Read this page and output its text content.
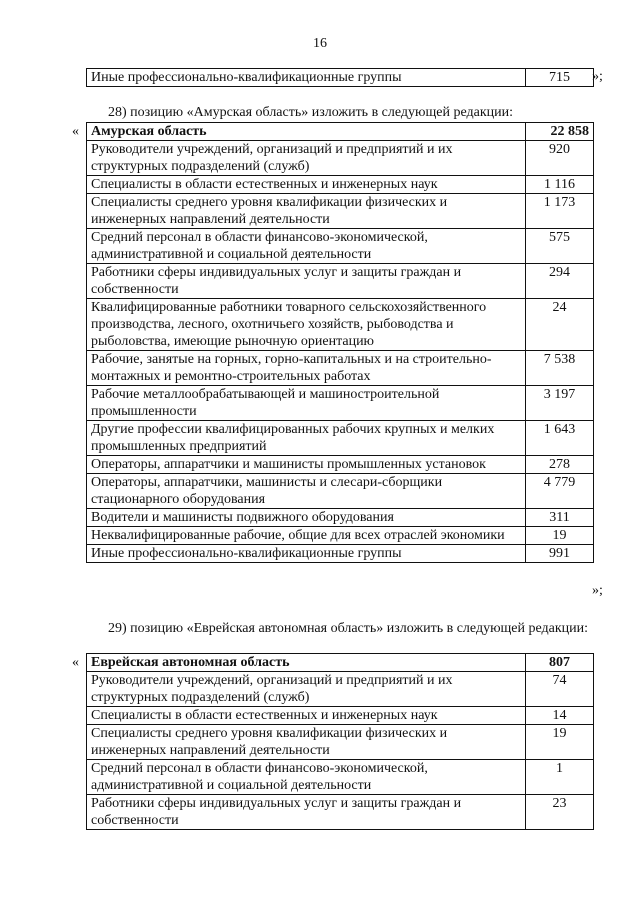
16
Иные профессионально-квалификационные группы	715 »;
28) позицию «Амурская область» изложить в следующей редакции:
« Амурская область	22 858
Руководители учреждений, организаций и предприятий и их структурных подразделений (служб)	920
Специалисты в области естественных и инженерных наук	1 116
Специалисты среднего уровня квалификации физических и инженерных направлений деятельности	1 173
Средний персонал в области финансово-экономической, административной и социальной деятельности	575
Работники сферы индивидуальных услуг и защиты граждан и собственности	294
Квалифицированные работники товарного сельскохозяйственного производства, лесного, охотничьего хозяйств, рыбоводства и рыболовства, имеющие рыночную ориентацию	24
Рабочие, занятые на горных, горно-капитальных и на строительно-монтажных и ремонтно-строительных работах	7 538
Рабочие металлообрабатывающей и машиностроительной промышленности	3 197
Другие профессии квалифицированных рабочих крупных и мелких промышленных предприятий	1 643
Операторы, аппаратчики и машинисты промышленных установок	278
Операторы, аппаратчики, машинисты и слесари-сборщики стационарного оборудования	4 779
Водители и машинисты подвижного оборудования	311
Неквалифицированные рабочие, общие для всех отраслей экономики	19
Иные профессионально-квалификационные группы	991
»;
29) позицию «Еврейская автономная область» изложить в следующей редакции:
« Еврейская автономная область	807
Руководители учреждений, организаций и предприятий и их структурных подразделений (служб)	74
Специалисты в области естественных и инженерных наук	14
Специалисты среднего уровня квалификации физических и инженерных направлений деятельности	19
Средний персонал в области финансово-экономической, административной и социальной деятельности	1
Работники сферы индивидуальных услуг и защиты граждан и собственности	23
